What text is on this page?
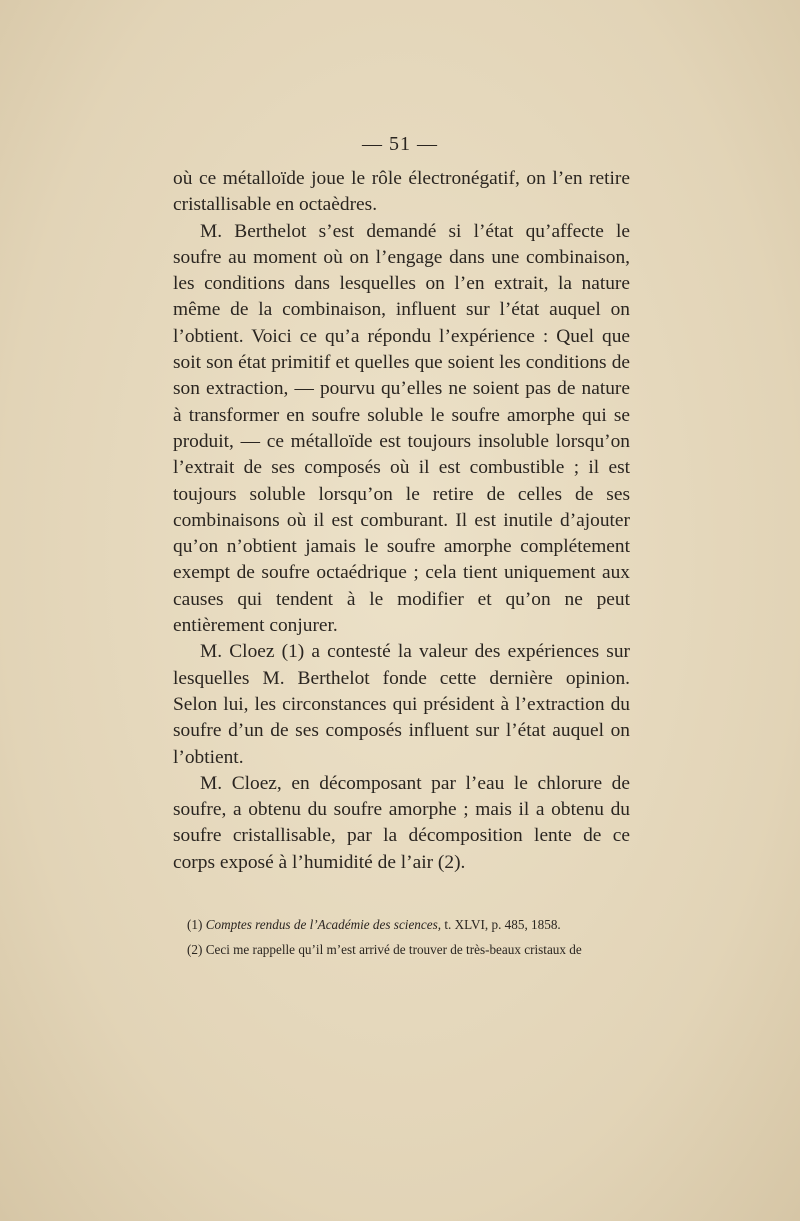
— 51 —

où ce métalloïde joue le rôle électronégatif, on l’en retire cristallisable en octaèdres.

M. Berthelot s’est demandé si l’état qu’affecte le soufre au moment où on l’engage dans une combinaison, les conditions dans lesquelles on l’en extrait, la nature même de la combinaison, influent sur l’état auquel on l’obtient. Voici ce qu’a répondu l’expérience : Quel que soit son état primitif et quelles que soient les conditions de son extraction, — pourvu qu’elles ne soient pas de nature à transformer en soufre soluble le soufre amorphe qui se produit, — ce métalloïde est toujours insoluble lorsqu’on l’extrait de ses composés où il est combustible ; il est toujours soluble lorsqu’on le retire de celles de ses combinaisons où il est comburant. Il est inutile d’ajouter qu’on n’obtient jamais le soufre amorphe complétement exempt de soufre octaédrique ; cela tient uniquement aux causes qui tendent à le modifier et qu’on ne peut entièrement conjurer.

M. Cloez (1) a contesté la valeur des expériences sur lesquelles M. Berthelot fonde cette dernière opinion. Selon lui, les circonstances qui président à l’extraction du soufre d’un de ses composés influent sur l’état auquel on l’obtient.

M. Cloez, en décomposant par l’eau le chlorure de soufre, a obtenu du soufre amorphe ; mais il a obtenu du soufre cristallisable, par la décomposition lente de ce corps exposé à l’humidité de l’air (2).

(1) Comptes rendus de l’Académie des sciences, t. XLVI, p. 485, 1858.

(2) Ceci me rappelle qu’il m’est arrivé de trouver de très-beaux cristaux de
